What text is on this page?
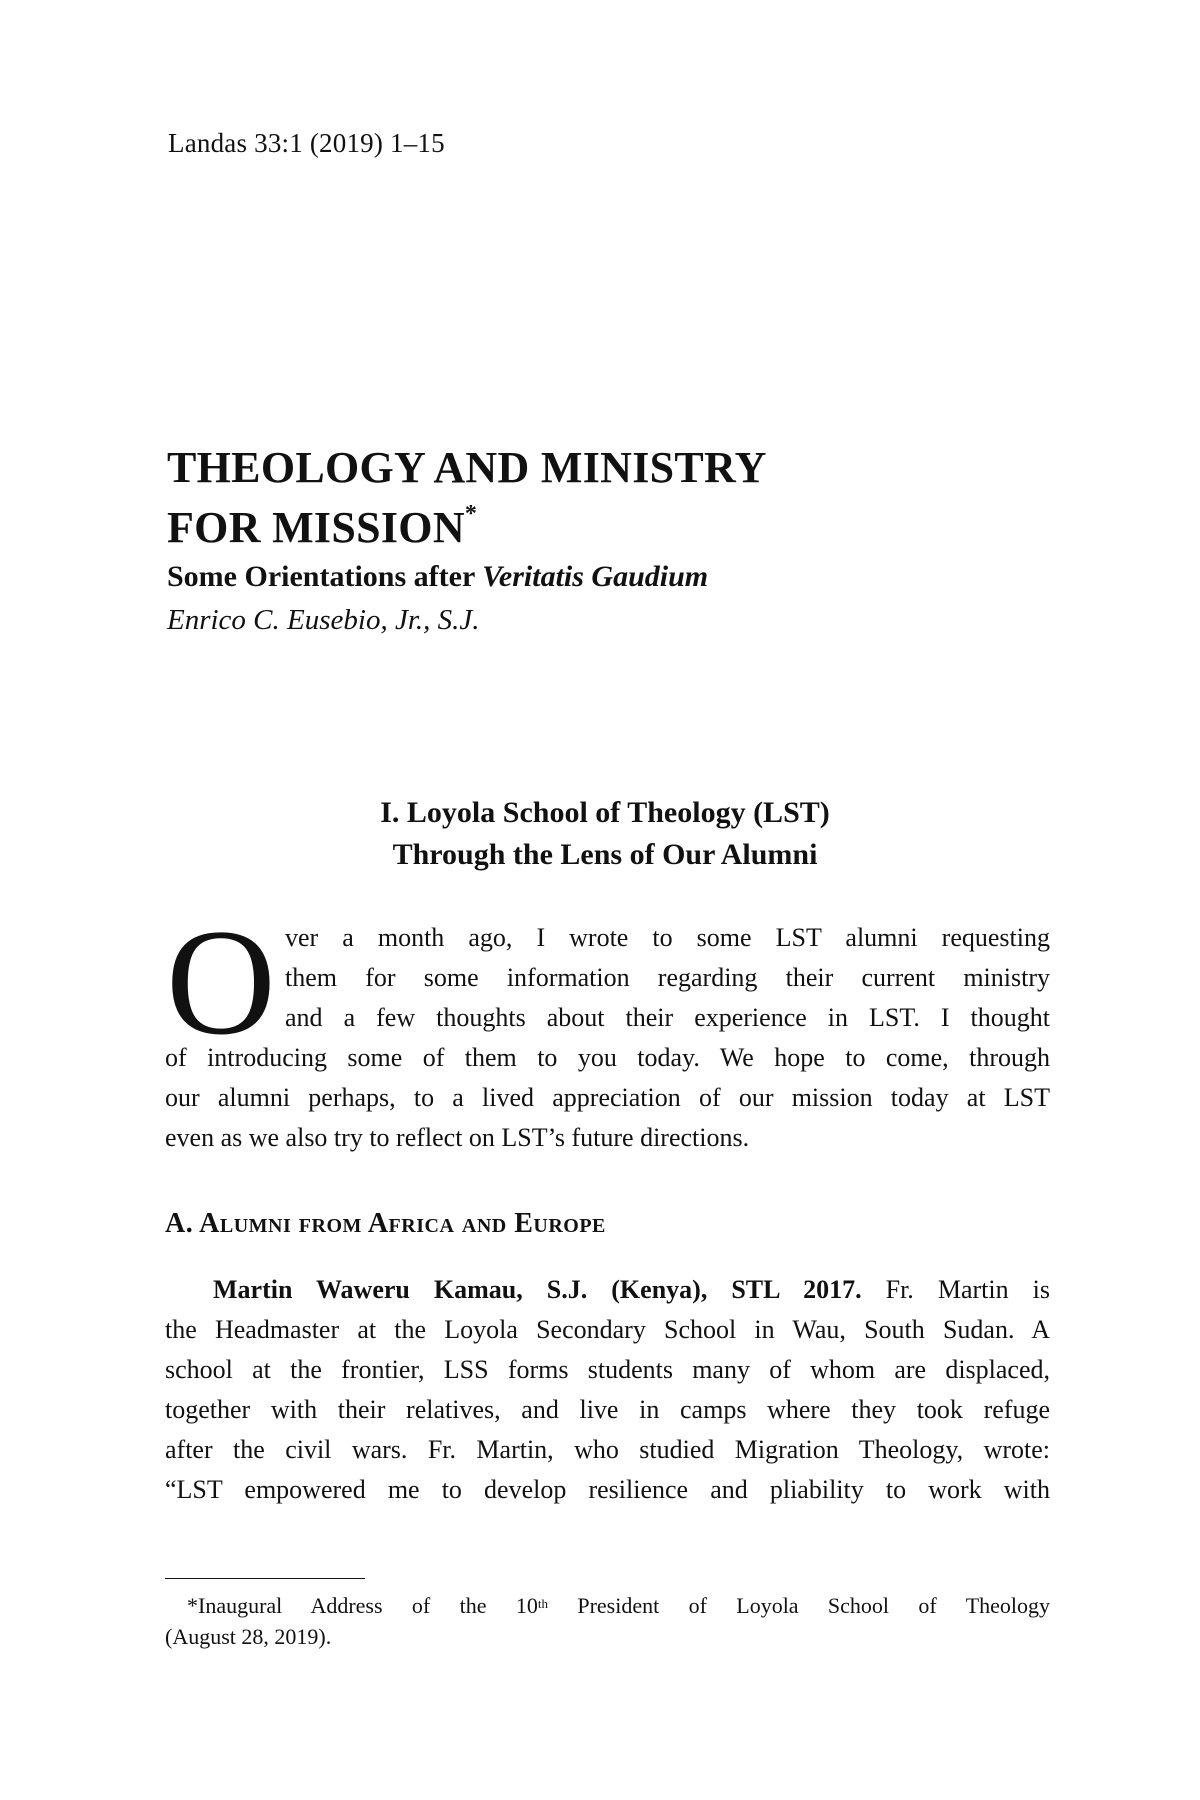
Landas 33:1 (2019) 1–15
THEOLOGY AND MINISTRY
FOR MISSION*
Some Orientations after Veritatis Gaudium
Enrico C. Eusebio, Jr., S.J.
I. Loyola School of Theology (LST)
Through the Lens of Our Alumni
O ver a month ago, I wrote to some LST alumni requesting
them for some information regarding their current ministry
and a few thoughts about their experience in LST. I thought
of introducing some of them to you today. We hope to come, through
our alumni perhaps, to a lived appreciation of our mission today at LST
even as we also try to reflect on LST’s future directions.
A. Alumni from Africa and Europe
Martin Waweru Kamau, S.J. (Kenya), STL 2017. Fr. Martin is
the Headmaster at the Loyola Secondary School in Wau, South Sudan. A
school at the frontier, LSS forms students many of whom are displaced,
together with their relatives, and live in camps where they took refuge
after the civil wars. Fr. Martin, who studied Migration Theology, wrote:
“LST empowered me to develop resilience and pliability to work with
*Inaugural Address of the 10th President of Loyola School of Theology
(August 28, 2019).
